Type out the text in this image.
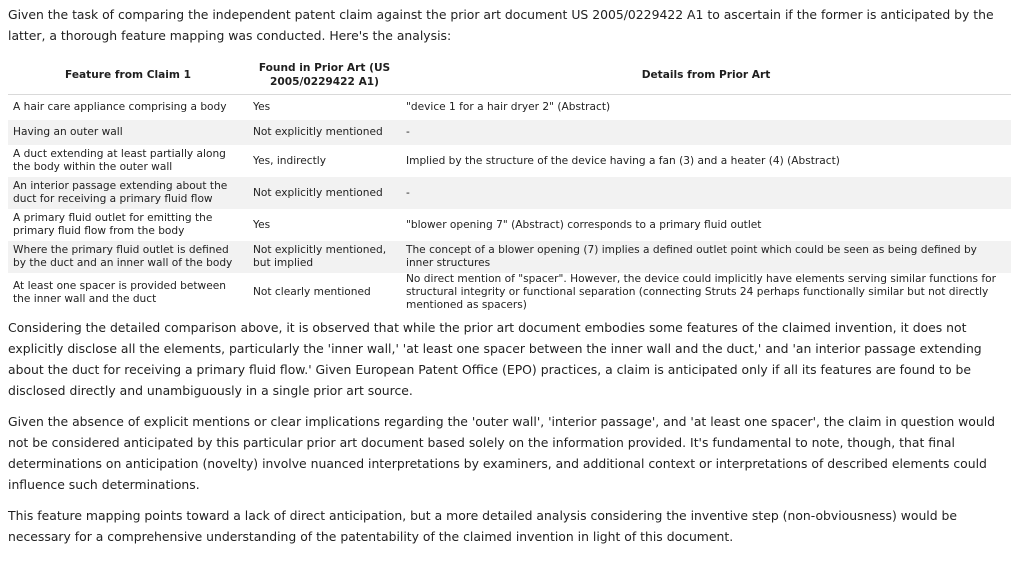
Given the task of comparing the independent patent claim against the prior art document US 2005/0229422 A1 to ascertain if the former is anticipated by the latter, a thorough feature mapping was conducted. Here's the analysis:

Feature from Claim 1	Found in Prior Art (US 2005/0229422 A1)	Details from Prior Art
A hair care appliance comprising a body	Yes	"device 1 for a hair dryer 2" (Abstract)
Having an outer wall	Not explicitly mentioned	-
A duct extending at least partially along the body within the outer wall	Yes, indirectly	Implied by the structure of the device having a fan (3) and a heater (4) (Abstract)
An interior passage extending about the duct for receiving a primary fluid flow	Not explicitly mentioned	-
A primary fluid outlet for emitting the primary fluid flow from the body	Yes	"blower opening 7" (Abstract) corresponds to a primary fluid outlet
Where the primary fluid outlet is defined by the duct and an inner wall of the body	Not explicitly mentioned, but implied	The concept of a blower opening (7) implies a defined outlet point which could be seen as being defined by inner structures
At least one spacer is provided between the inner wall and the duct	Not clearly mentioned	No direct mention of "spacer". However, the device could implicitly have elements serving similar functions for structural integrity or functional separation (connecting Struts 24 perhaps functionally similar but not directly mentioned as spacers)

Considering the detailed comparison above, it is observed that while the prior art document embodies some features of the claimed invention, it does not explicitly disclose all the elements, particularly the 'inner wall,' 'at least one spacer between the inner wall and the duct,' and 'an interior passage extending about the duct for receiving a primary fluid flow.' Given European Patent Office (EPO) practices, a claim is anticipated only if all its features are found to be disclosed directly and unambiguously in a single prior art source.

Given the absence of explicit mentions or clear implications regarding the 'outer wall', 'interior passage', and 'at least one spacer', the claim in question would not be considered anticipated by this particular prior art document based solely on the information provided. It's fundamental to note, though, that final determinations on anticipation (novelty) involve nuanced interpretations by examiners, and additional context or interpretations of described elements could influence such determinations.

This feature mapping points toward a lack of direct anticipation, but a more detailed analysis considering the inventive step (non-obviousness) would be necessary for a comprehensive understanding of the patentability of the claimed invention in light of this document.
